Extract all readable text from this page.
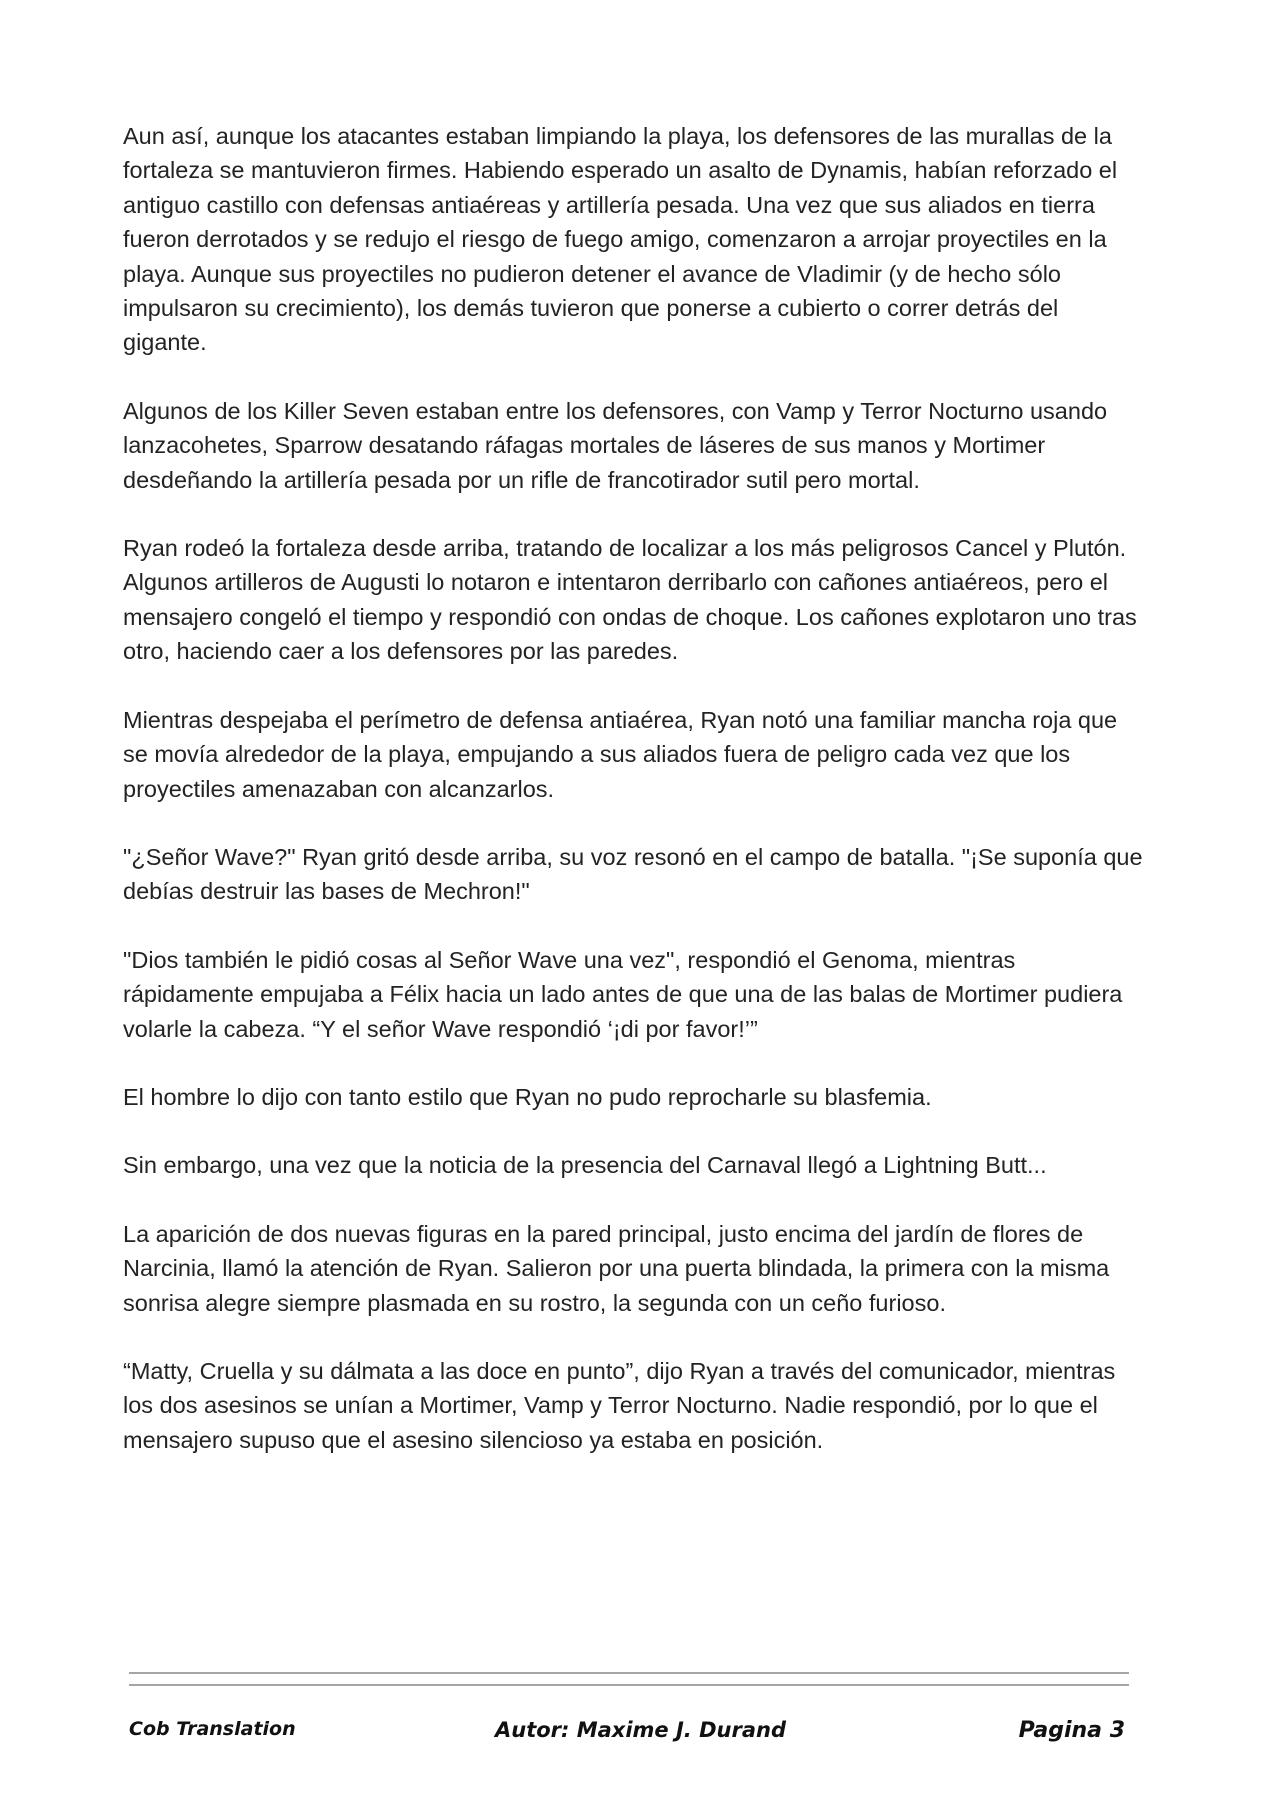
Aun así, aunque los atacantes estaban limpiando la playa, los defensores de las murallas de la fortaleza se mantuvieron firmes. Habiendo esperado un asalto de Dynamis, habían reforzado el antiguo castillo con defensas antiaéreas y artillería pesada. Una vez que sus aliados en tierra fueron derrotados y se redujo el riesgo de fuego amigo, comenzaron a arrojar proyectiles en la playa. Aunque sus proyectiles no pudieron detener el avance de Vladimir (y de hecho sólo impulsaron su crecimiento), los demás tuvieron que ponerse a cubierto o correr detrás del gigante.

Algunos de los Killer Seven estaban entre los defensores, con Vamp y Terror Nocturno usando lanzacohetes, Sparrow desatando ráfagas mortales de láseres de sus manos y Mortimer desdeñando la artillería pesada por un rifle de francotirador sutil pero mortal.

Ryan rodeó la fortaleza desde arriba, tratando de localizar a los más peligrosos Cancel y Plutón. Algunos artilleros de Augusti lo notaron e intentaron derribarlo con cañones antiaéreos, pero el mensajero congeló el tiempo y respondió con ondas de choque. Los cañones explotaron uno tras otro, haciendo caer a los defensores por las paredes.

Mientras despejaba el perímetro de defensa antiaérea, Ryan notó una familiar mancha roja que se movía alrededor de la playa, empujando a sus aliados fuera de peligro cada vez que los proyectiles amenazaban con alcanzarlos.

"¿Señor Wave?" Ryan gritó desde arriba, su voz resonó en el campo de batalla. "¡Se suponía que debías destruir las bases de Mechron!"

"Dios también le pidió cosas al Señor Wave una vez", respondió el Genoma, mientras rápidamente empujaba a Félix hacia un lado antes de que una de las balas de Mortimer pudiera volarle la cabeza. “Y el señor Wave respondió ‘¡di por favor!’”

El hombre lo dijo con tanto estilo que Ryan no pudo reprocharle su blasfemia.

Sin embargo, una vez que la noticia de la presencia del Carnaval llegó a Lightning Butt...

La aparición de dos nuevas figuras en la pared principal, justo encima del jardín de flores de Narcinia, llamó la atención de Ryan. Salieron por una puerta blindada, la primera con la misma sonrisa alegre siempre plasmada en su rostro, la segunda con un ceño furioso.

“Matty, Cruella y su dálmata a las doce en punto”, dijo Ryan a través del comunicador, mientras los dos asesinos se unían a Mortimer, Vamp y Terror Nocturno. Nadie respondió, por lo que el mensajero supuso que el asesino silencioso ya estaba en posición.

Cob Translation	Autor: Maxime J. Durand	Pagina 3
